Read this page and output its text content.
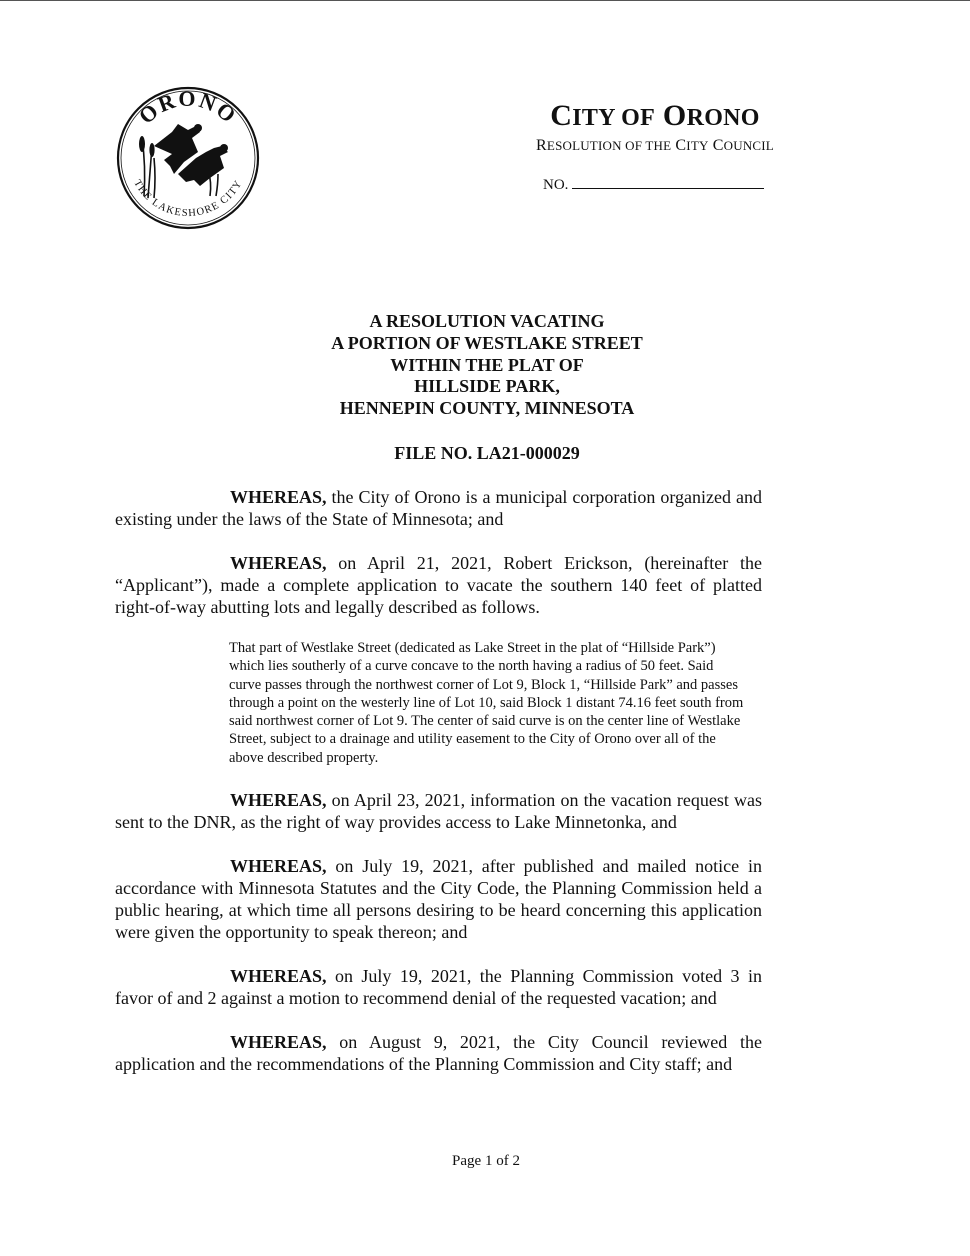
ORONO
THE LAKESHORE CITY
CITY OF ORONO
RESOLUTION OF THE CITY COUNCIL
NO.
A RESOLUTION VACATING
A PORTION OF WESTLAKE STREET
WITHIN THE PLAT OF
HILLSIDE PARK,
HENNEPIN COUNTY, MINNESOTA
FILE NO. LA21-000029

WHEREAS, the City of Orono is a municipal corporation organized and existing under the laws of the State of Minnesota; and

WHEREAS, on April 21, 2021, Robert Erickson, (hereinafter the “Applicant”), made a complete application to vacate the southern 140 feet of platted right-of-way abutting lots and legally described as follows.

That part of Westlake Street (dedicated as Lake Street in the plat of “Hillside Park”) which lies southerly of a curve concave to the north having a radius of 50 feet. Said curve passes through the northwest corner of Lot 9, Block 1, “Hillside Park” and passes through a point on the westerly line of Lot 10, said Block 1 distant 74.16 feet south from said northwest corner of Lot 9. The center of said curve is on the center line of Westlake Street, subject to a drainage and utility easement to the City of Orono over all of the above described property.

WHEREAS, on April 23, 2021, information on the vacation request was sent to the DNR, as the right of way provides access to Lake Minnetonka, and

WHEREAS, on July 19, 2021, after published and mailed notice in accordance with Minnesota Statutes and the City Code, the Planning Commission held a public hearing, at which time all persons desiring to be heard concerning this application were given the opportunity to speak thereon; and

WHEREAS, on July 19, 2021, the Planning Commission voted 3 in favor of and 2 against a motion to recommend denial of the requested vacation; and

WHEREAS, on August 9, 2021, the City Council reviewed the application and the recommendations of the Planning Commission and City staff; and

Page 1 of 2
